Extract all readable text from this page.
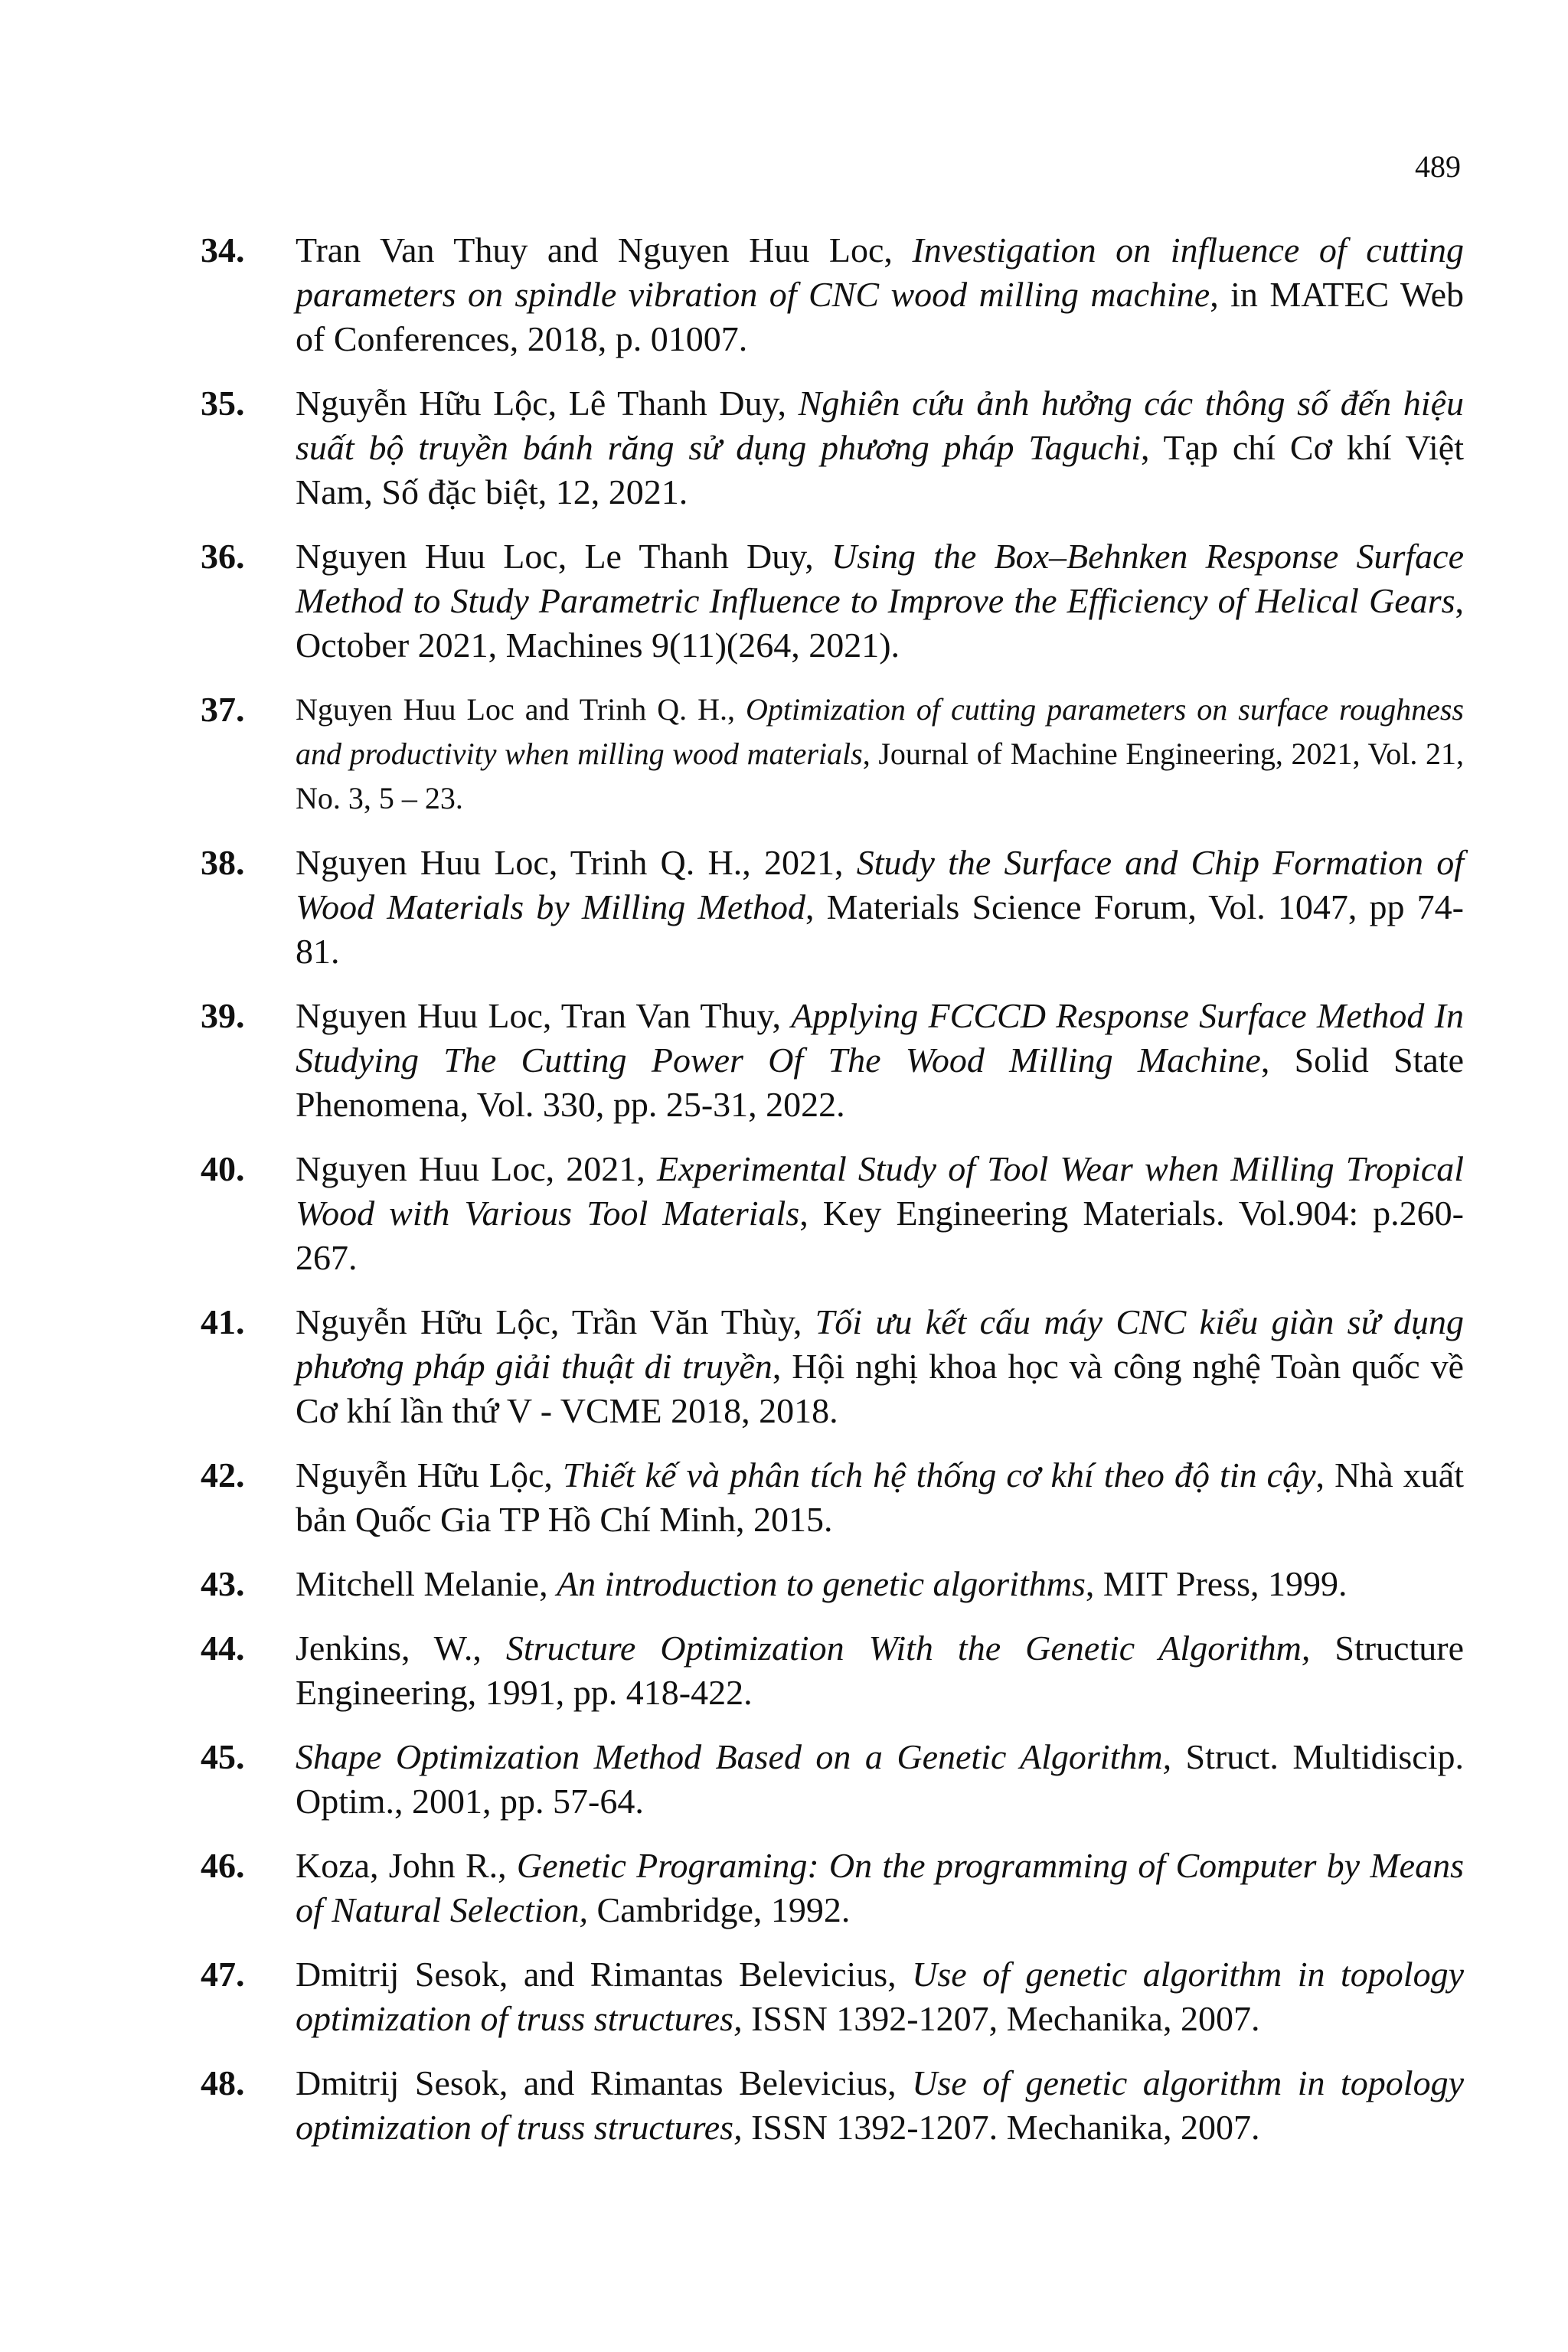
489
34. Tran Van Thuy and Nguyen Huu Loc, Investigation on influence of cutting parameters on spindle vibration of CNC wood milling machine, in MATEC Web of Conferences, 2018, p. 01007.
35. Nguyễn Hữu Lộc, Lê Thanh Duy, Nghiên cứu ảnh hưởng các thông số đến hiệu suất bộ truyền bánh răng sử dụng phương pháp Taguchi, Tạp chí Cơ khí Việt Nam, Số đặc biệt, 12, 2021.
36. Nguyen Huu Loc, Le Thanh Duy, Using the Box–Behnken Response Surface Method to Study Parametric Influence to Improve the Efficiency of Helical Gears, October 2021, Machines 9(11)(264, 2021).
37. Nguyen Huu Loc and Trinh Q. H., Optimization of cutting parameters on surface roughness and productivity when milling wood materials, Journal of Machine Engineering, 2021, Vol. 21, No. 3, 5 – 23.
38. Nguyen Huu Loc, Trinh Q. H., 2021, Study the Surface and Chip Formation of Wood Materials by Milling Method, Materials Science Forum, Vol. 1047, pp 74-81.
39. Nguyen Huu Loc, Tran Van Thuy, Applying FCCCD Response Surface Method In Studying The Cutting Power Of The Wood Milling Machine, Solid State Phenomena, Vol. 330, pp. 25-31, 2022.
40. Nguyen Huu Loc, 2021, Experimental Study of Tool Wear when Milling Tropical Wood with Various Tool Materials, Key Engineering Materials. Vol.904: p.260-267.
41. Nguyễn Hữu Lộc, Trần Văn Thùy, Tối ưu kết cấu máy CNC kiểu giàn sử dụng phương pháp giải thuật di truyền, Hội nghị khoa học và công nghệ Toàn quốc về Cơ khí lần thứ V - VCME 2018, 2018.
42. Nguyễn Hữu Lộc, Thiết kế và phân tích hệ thống cơ khí theo độ tin cậy, Nhà xuất bản Quốc Gia TP Hồ Chí Minh, 2015.
43. Mitchell Melanie, An introduction to genetic algorithms, MIT Press, 1999.
44. Jenkins, W., Structure Optimization With the Genetic Algorithm, Structure Engineering, 1991, pp. 418-422.
45. Shape Optimization Method Based on a Genetic Algorithm, Struct. Multidiscip. Optim., 2001, pp. 57-64.
46. Koza, John R., Genetic Programing: On the programming of Computer by Means of Natural Selection, Cambridge, 1992.
47. Dmitrij Sesok, and Rimantas Belevicius, Use of genetic algorithm in topology optimization of truss structures, ISSN 1392-1207, Mechanika, 2007.
48. Dmitrij Sesok, and Rimantas Belevicius, Use of genetic algorithm in topology optimization of truss structures, ISSN 1392-1207. Mechanika, 2007.
